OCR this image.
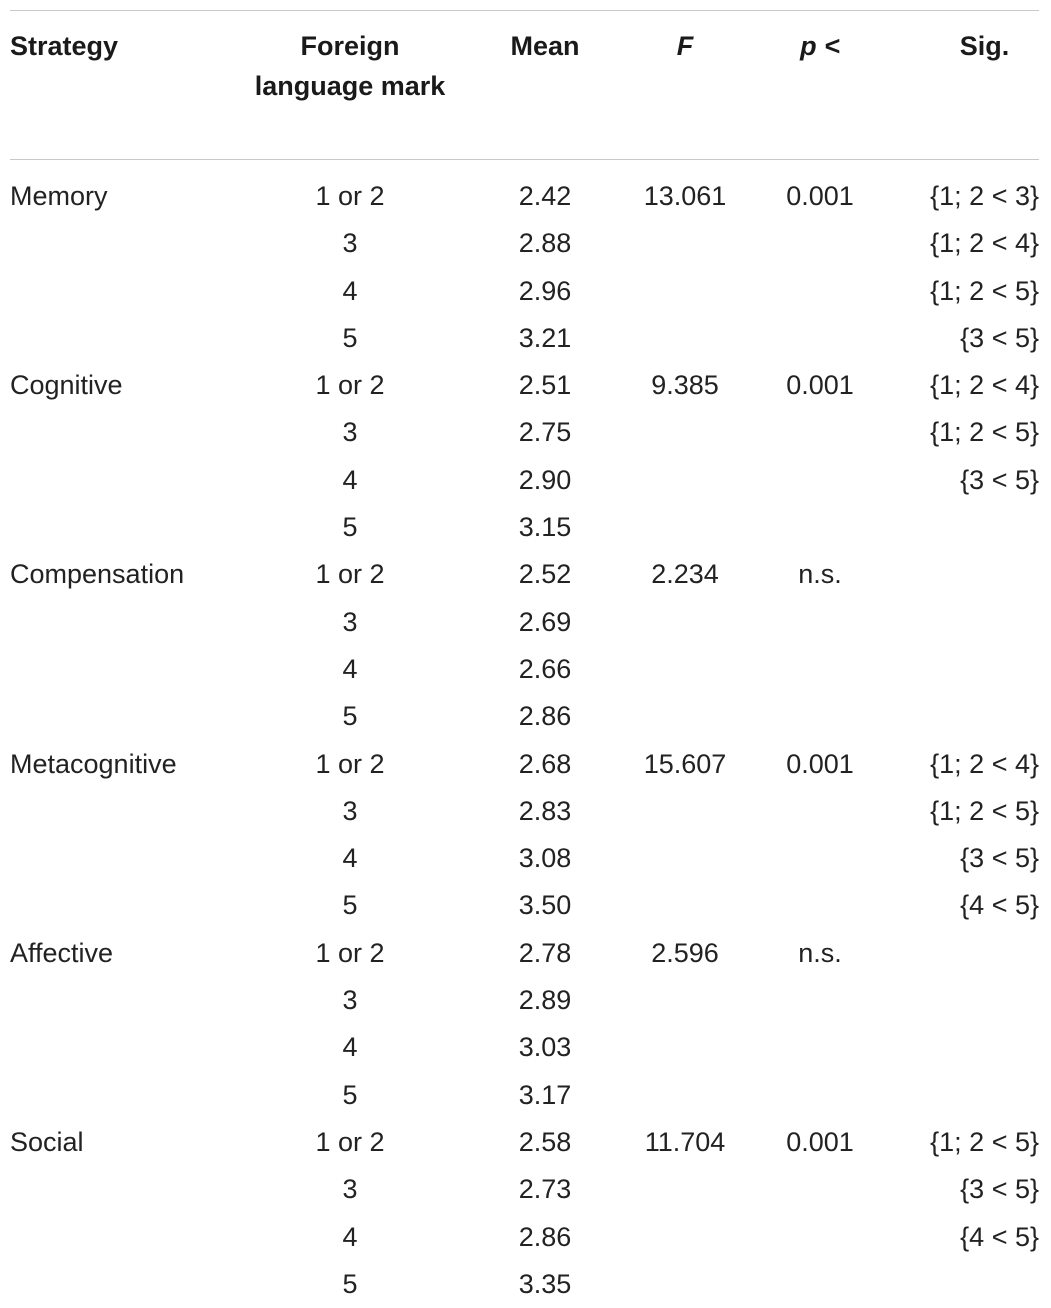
Strategy	Foreign language mark	Mean	F	p <	Sig.
Memory	1 or 2	2.42	13.061	0.001	{1; 2 < 3}
	3	2.88			{1; 2 < 4}
	4	2.96			{1; 2 < 5}
	5	3.21			{3 < 5}
Cognitive	1 or 2	2.51	9.385	0.001	{1; 2 < 4}
	3	2.75			{1; 2 < 5}
	4	2.90			{3 < 5}
	5	3.15			
Compensation	1 or 2	2.52	2.234	n.s.	
	3	2.69			
	4	2.66			
	5	2.86			
Metacognitive	1 or 2	2.68	15.607	0.001	{1; 2 < 4}
	3	2.83			{1; 2 < 5}
	4	3.08			{3 < 5}
	5	3.50			{4 < 5}
Affective	1 or 2	2.78	2.596	n.s.	
	3	2.89			
	4	3.03			
	5	3.17			
Social	1 or 2	2.58	11.704	0.001	{1; 2 < 5}
	3	2.73			{3 < 5}
	4	2.86			{4 < 5}
	5	3.35			
